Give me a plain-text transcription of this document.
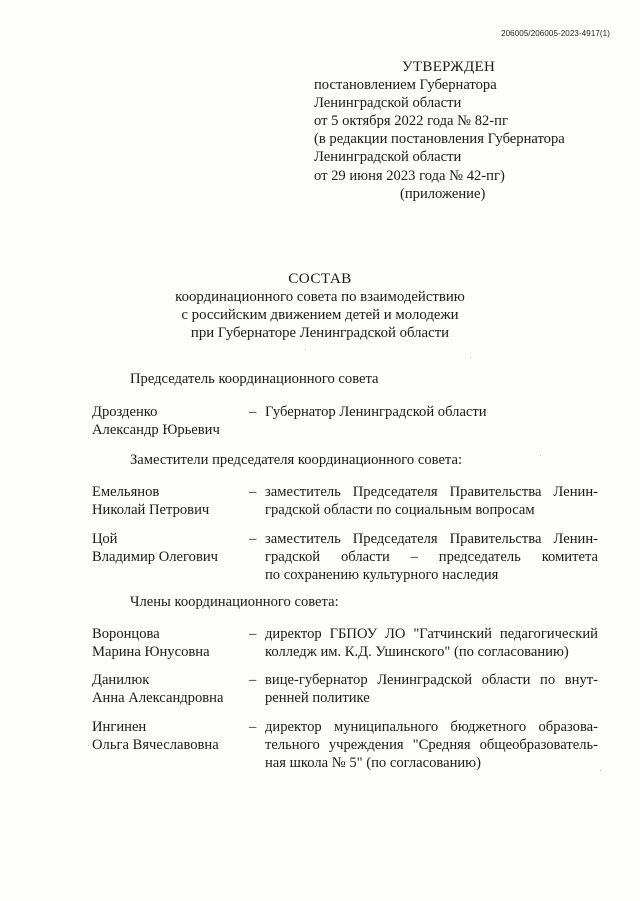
206005/206005-2023-4917(1)
УТВЕРЖДЕН
постановлением Губернатора
Ленинградской области
от 5 октября 2022 года № 82-пг
(в редакции постановления Губернатора
Ленинградской области
от 29 июня 2023 года № 42-пг)
(приложение)
СОСТАВ
координационного совета по взаимодействию
с российским движением детей и молодежи
при Губернаторе Ленинградской области
Председатель координационного совета
Дрозденко
Александр Юрьевич
– Губернатор Ленинградской области
Заместители председателя координационного совета:
Емельянов
Николай Петрович
– заместитель Председателя Правительства Ленин-
градской области по социальным вопросам
Цой
Владимир Олегович
– заместитель Председателя Правительства Ленин-
градской области – председатель комитета
по сохранению культурного наследия
Члены координационного совета:
Воронцова
Марина Юнусовна
– директор ГБПОУ ЛО "Гатчинский педагогический
колледж им. К.Д. Ушинского" (по согласованию)
Данилюк
Анна Александровна
– вице-губернатор Ленинградской области по внут-
ренней политике
Ингинен
Ольга Вячеславовна
– директор муниципального бюджетного образова-
тельного учреждения "Средняя общеобразователь-
ная школа № 5" (по согласованию)
